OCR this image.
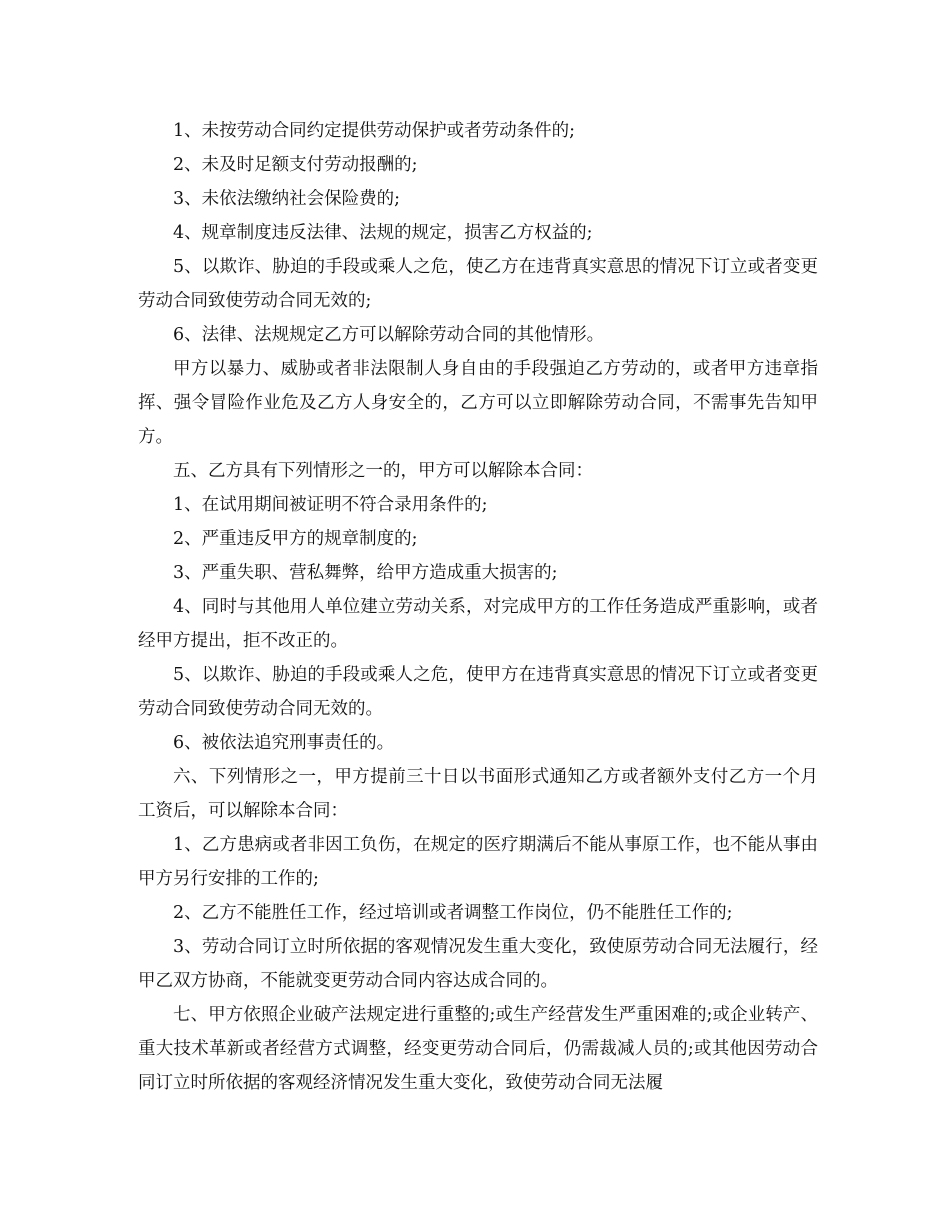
1、未按劳动合同约定提供劳动保护或者劳动条件的;

2、未及时足额支付劳动报酬的;

3、未依法缴纳社会保险费的;

4、规章制度违反法律、法规的规定，损害乙方权益的;

5、以欺诈、胁迫的手段或乘人之危，使乙方在违背真实意思的情况下订立或者变更劳动合同致使劳动合同无效的;

6、法律、法规规定乙方可以解除劳动合同的其他情形。

甲方以暴力、威胁或者非法限制人身自由的手段强迫乙方劳动的，或者甲方违章指挥、强令冒险作业危及乙方人身安全的，乙方可以立即解除劳动合同，不需事先告知甲方。

五、乙方具有下列情形之一的，甲方可以解除本合同：

1、在试用期间被证明不符合录用条件的;

2、严重违反甲方的规章制度的;

3、严重失职、营私舞弊，给甲方造成重大损害的;

4、同时与其他用人单位建立劳动关系，对完成甲方的工作任务造成严重影响，或者经甲方提出，拒不改正的。

5、以欺诈、胁迫的手段或乘人之危，使甲方在违背真实意思的情况下订立或者变更劳动合同致使劳动合同无效的。

6、被依法追究刑事责任的。

六、下列情形之一，甲方提前三十日以书面形式通知乙方或者额外支付乙方一个月工资后，可以解除本合同：

1、乙方患病或者非因工负伤，在规定的医疗期满后不能从事原工作，也不能从事由甲方另行安排的工作的;

2、乙方不能胜任工作，经过培训或者调整工作岗位，仍不能胜任工作的;

3、劳动合同订立时所依据的客观情况发生重大变化，致使原劳动合同无法履行，经甲乙双方协商，不能就变更劳动合同内容达成合同的。

七、甲方依照企业破产法规定进行重整的;或生产经营发生严重困难的;或企业转产、重大技术革新或者经营方式调整，经变更劳动合同后，仍需裁减人员的;或其他因劳动合同订立时所依据的客观经济情况发生重大变化，致使劳动合同无法履
